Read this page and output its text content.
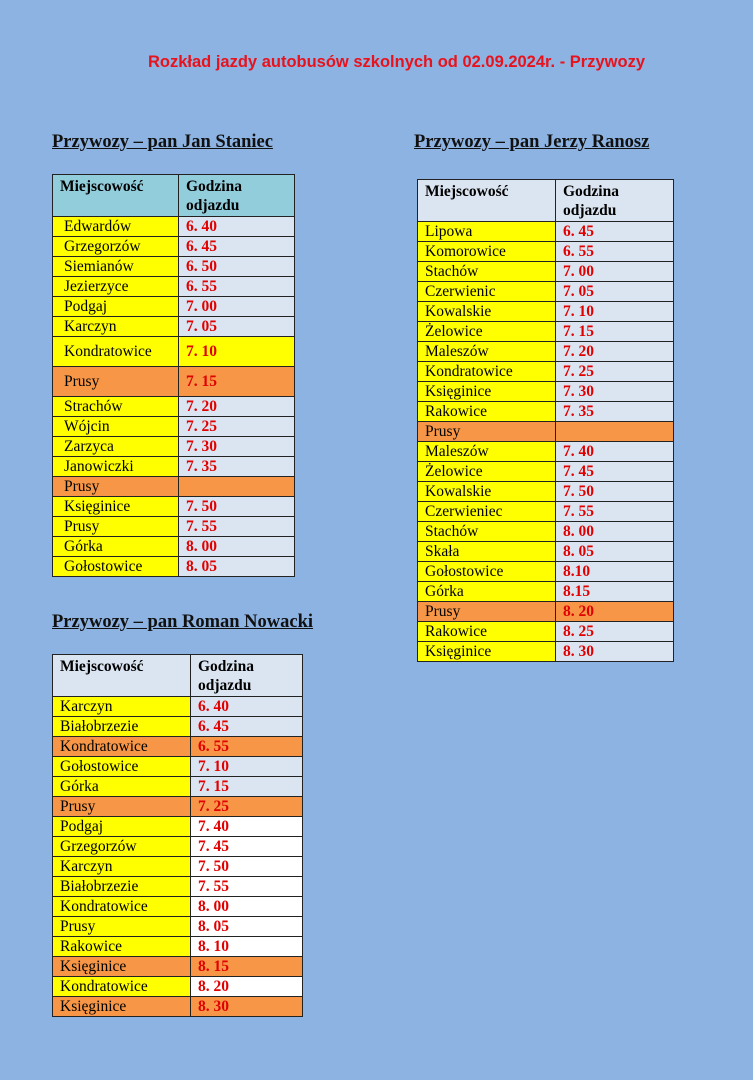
Rozkład jazdy autobusów szkolnych od 02.09.2024r. - Przywozy
Przywozy – pan Jan Staniec
Miejscowość	Godzina odjazdu
Edwardów	6. 40
Grzegorzów	6. 45
Siemianów	6. 50
Jezierzyce	6. 55
Podgaj	7. 00
Karczyn	7. 05
Kondratowice	7. 10
Prusy	7. 15
Strachów	7. 20
Wójcin	7. 25
Zarzyca	7. 30
Janowiczki	7. 35
Prusy	
Księginice	7. 50
Prusy	7. 55
Górka	8. 00
Gołostowice	8. 05
Przywozy – pan Jerzy Ranosz
Miejscowość	Godzina odjazdu
Lipowa	6. 45
Komorowice	6. 55
Stachów	7. 00
Czerwienic	7. 05
Kowalskie	7. 10
Żelowice	7. 15
Maleszów	7. 20
Kondratowice	7. 25
Księginice	7. 30
Rakowice	7. 35
Prusy	
Maleszów	7. 40
Żelowice	7. 45
Kowalskie	7. 50
Czerwieniec	7. 55
Stachów	8. 00
Skała	8. 05
Gołostowice	8.10
Górka	8.15
Prusy	8. 20
Rakowice	8. 25
Księginice	8. 30
Przywozy – pan Roman Nowacki
Miejscowość	Godzina odjazdu
Karczyn	6. 40
Białobrzezie	6. 45
Kondratowice	6. 55
Gołostowice	7. 10
Górka	7. 15
Prusy	7. 25
Podgaj	7. 40
Grzegorzów	7. 45
Karczyn	7. 50
Białobrzezie	7. 55
Kondratowice	8. 00
Prusy	8. 05
Rakowice	8. 10
Księginice	8. 15
Kondratowice	8. 20
Księginice	8. 30
